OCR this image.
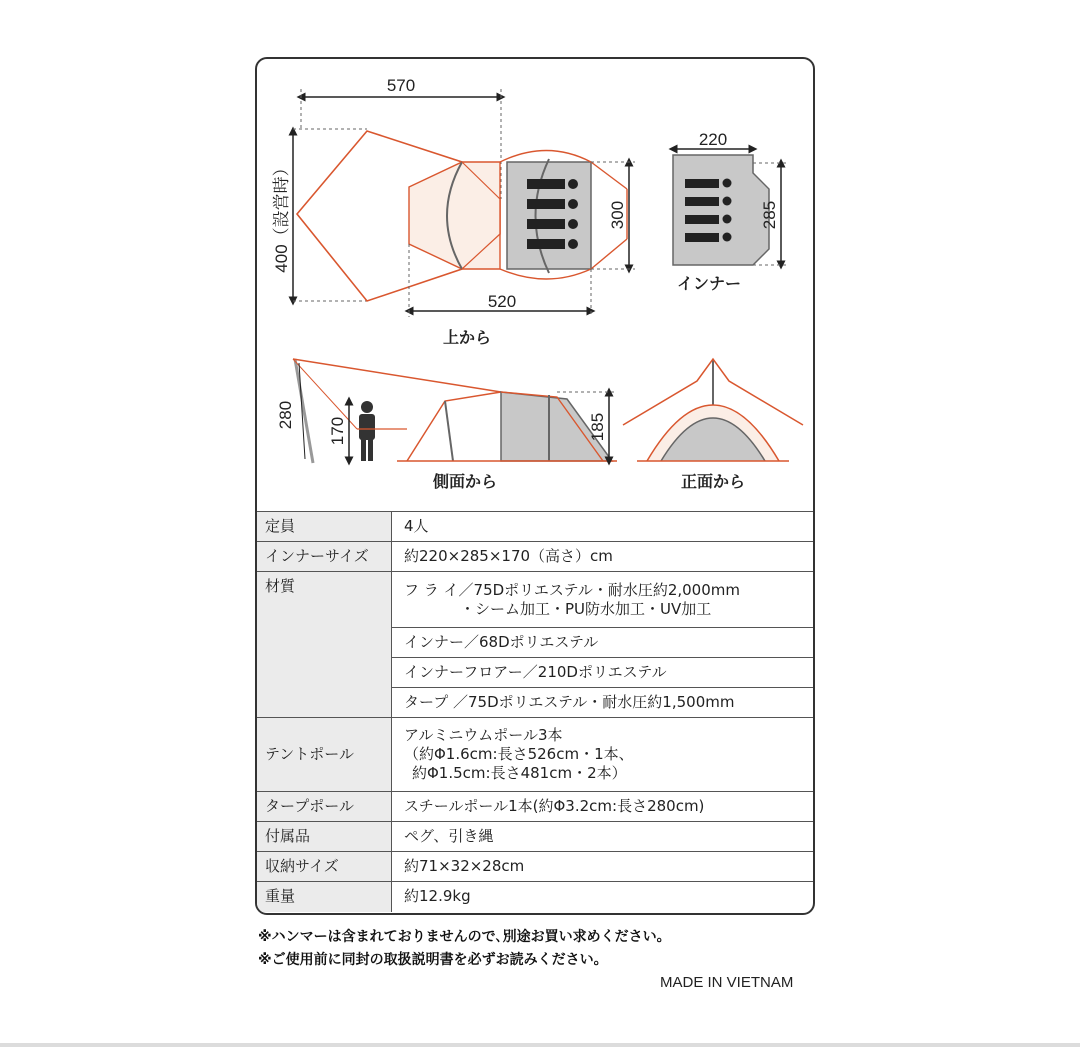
570
400（設営時）	300
520
上から
220
285
インナー
280
170	185
側面から	正面から
定員	4人
インナーサイズ	約220×285×170（高さ）cm
材質	フ ラ イ／75Dポリエステル・耐水圧約2,000mm
・シーム加工・PU防水加工・UV加工

	インナー／68Dポリエステル
	インナーフロアー／210Dポリエステル
	タープ ／75Dポリエステル・耐水圧約1,500mm
テントポール	アルミニウムポール3本
（約Φ1.6cm:長さ526cm・1本、
約Φ1.5cm:長さ481cm・2本）

タープポール	スチールポール1本(約Φ3.2cm:長さ280cm)
付属品	ペグ、引き縄
収納サイズ	約71×32×28cm
重量	約12.9kg
※ハンマーは含まれておりませんので､別途お買い求めください。
※ご使用前に同封の取扱説明書を必ずお読みください。
MADE IN VIETNAM
